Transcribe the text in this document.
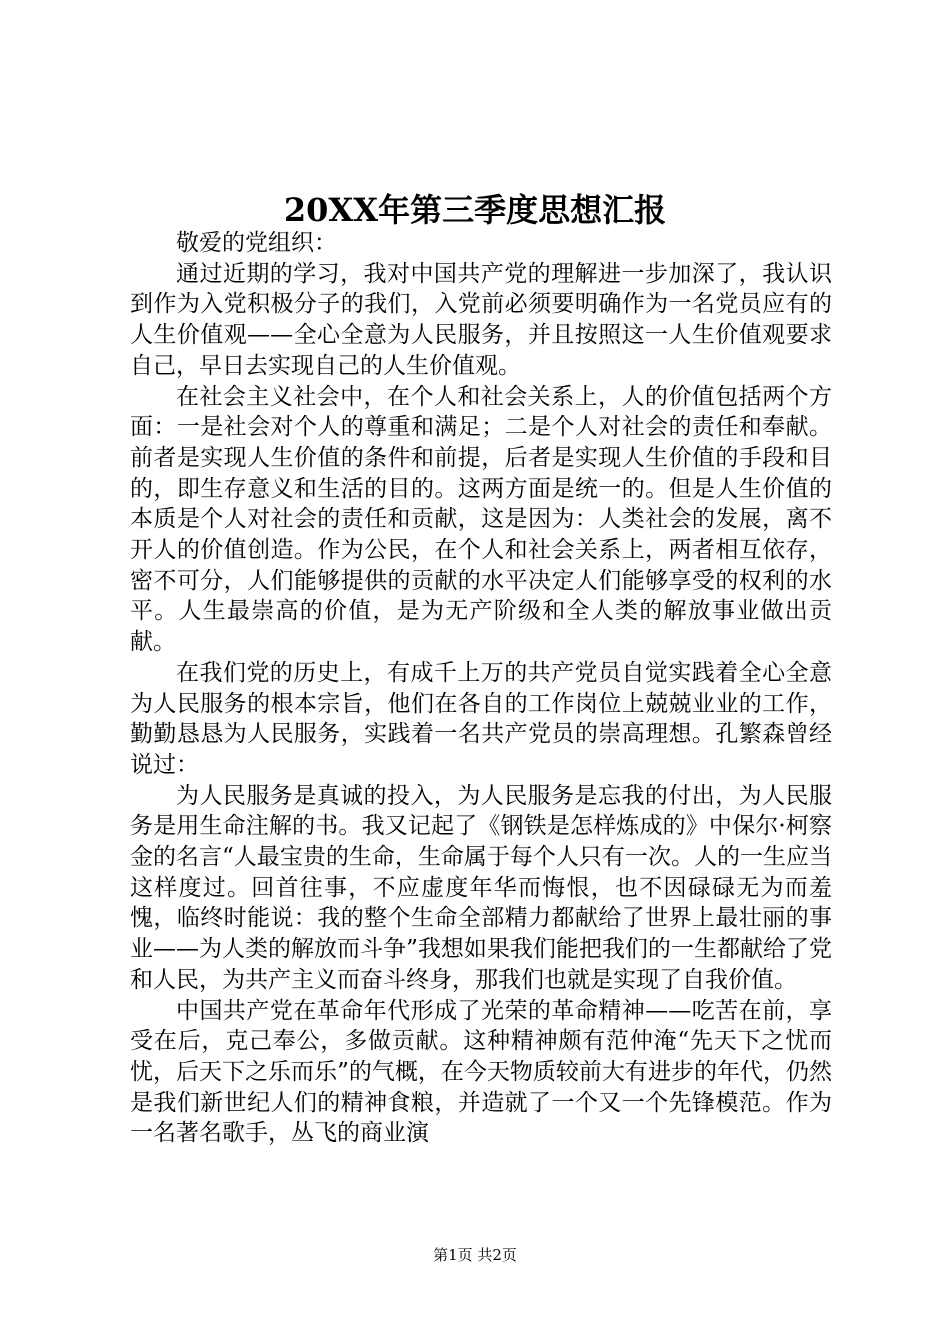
20XX年第三季度思想汇报

敬爱的党组织：

通过近期的学习，我对中国共产党的理解进一步加深了，我认识到作为入党积极分子的我们，入党前必须要明确作为一名党员应有的人生价值观——全心全意为人民服务，并且按照这一人生价值观要求自己，早日去实现自己的人生价值观。

在社会主义社会中，在个人和社会关系上，人的价值包括两个方面：一是社会对个人的尊重和满足；二是个人对社会的责任和奉献。前者是实现人生价值的条件和前提，后者是实现人生价值的手段和目的，即生存意义和生活的目的。这两方面是统一的。但是人生价值的本质是个人对社会的责任和贡献，这是因为：人类社会的发展，离不开人的价值创造。作为公民，在个人和社会关系上，两者相互依存，密不可分，人们能够提供的贡献的水平决定人们能够享受的权利的水平。人生最崇高的价值，是为无产阶级和全人类的解放事业做出贡献。

在我们党的历史上，有成千上万的共产党员自觉实践着全心全意为人民服务的根本宗旨，他们在各自的工作岗位上兢兢业业的工作，勤勤恳恳为人民服务，实践着一名共产党员的崇高理想。孔繁森曾经说过：

为人民服务是真诚的投入，为人民服务是忘我的付出，为人民服务是用生命注解的书。我又记起了《钢铁是怎样炼成的》中保尔·柯察金的名言“人最宝贵的生命，生命属于每个人只有一次。人的一生应当这样度过。回首往事，不应虚度年华而悔恨，也不因碌碌无为而羞愧，临终时能说：我的整个生命全部精力都献给了世界上最壮丽的事业——为人类的解放而斗争”我想如果我们能把我们的一生都献给了党和人民，为共产主义而奋斗终身，那我们也就是实现了自我价值。

中国共产党在革命年代形成了光荣的革命精神——吃苦在前，享受在后，克己奉公，多做贡献。这种精神颇有范仲淹“先天下之忧而忧，后天下之乐而乐”的气概，在今天物质较前大有进步的年代，仍然是我们新世纪人们的精神食粮，并造就了一个又一个先锋模范。作为一名著名歌手，丛飞的商业演

第1页 共2页
